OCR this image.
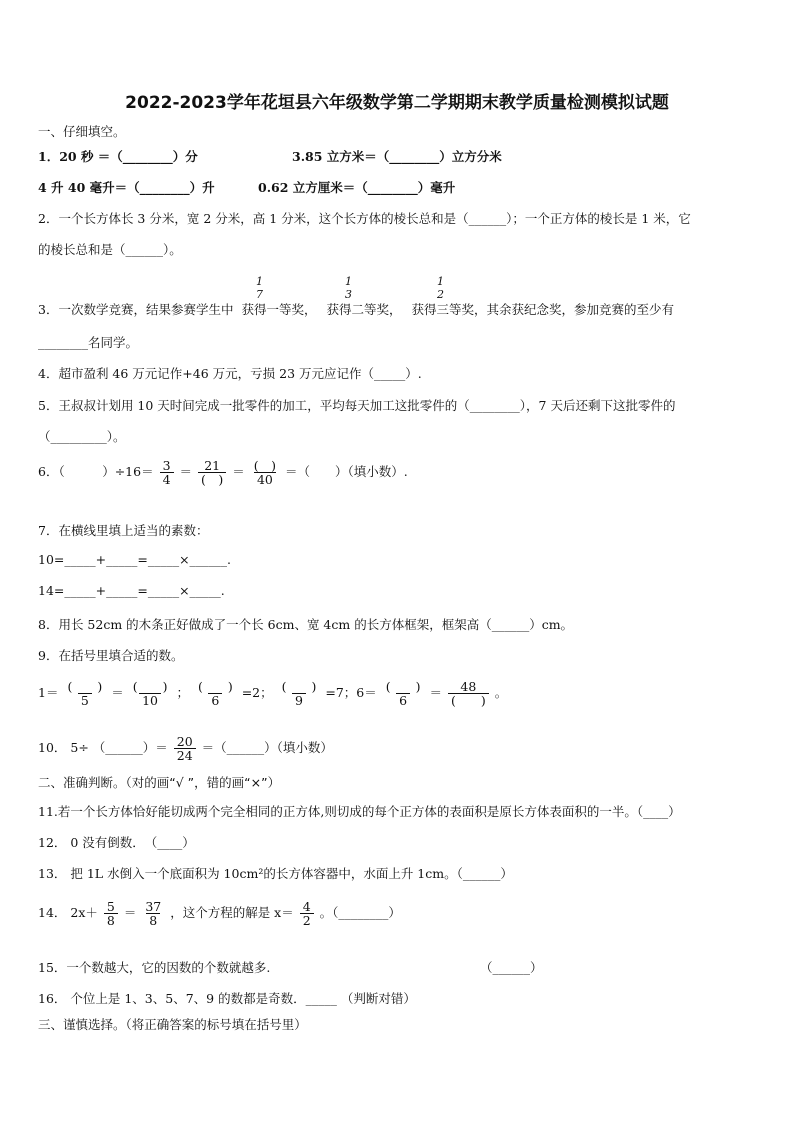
2022-2023学年花垣县六年级数学第二学期期末教学质量检测模拟试题
一、仔细填空。
1．20 秒 ＝（________）分	3.85 立方米＝（________）立方分米
4 升 40 毫升＝（________）升	0.62 立方厘米＝（________）毫升
2．一个长方体长 3 分米，宽 2 分米，高 1 分米，这个长方体的棱长总和是（______）；一个正方体的棱长是 1 米，它
的棱长总和是（______）。
3．一次数学竞赛，结果参赛学生中 获得一等奖， 获得二等奖， 获得三等奖，其余获纪念奖，参加竞赛的至少有
1
7
1
3
1
2
________名同学。
4．超市盈利 46 万元记作+46 万元，亏损 23 万元应记作（_____）.
5．王叔叔计划用 10 天时间完成一批零件的加工，平均每天加工这批零件的（________），7 天后还剩下这批零件的
（_________）。
6．（　　　）$\div 16= \frac{3}{4} = \frac{21}{( )} = \frac{( )}{40}$ ＝（　　）（填小数）.
7．在横线里填上适当的素数：
10=_____+_____=_____×______.
14=_____+_____=_____×_____.
8．用长 52cm 的木条正好做成了一个长 6cm、宽 4cm 的长方体框架，框架高（______）cm。
9．在括号里填合适的数。
$1= \frac{( )}{5} = \frac{( )}{10}$ ； $\frac{( )}{6} =2$； $\frac{( )}{9} =7$；$6= \frac{( )}{6} = \frac{48}{( )}$ 。
10． 5÷ （______）＝ $\frac{20}{24}$ ＝（______）（填小数）
二、准确判断。（对的画“√ ”，错的画“×”）
11.若一个长方体恰好能切成两个完全相同的正方体,则切成的每个正方体的表面积是原长方体表面积的一半。（____）
12． 0 没有倒数．　（____）
13． 把 1L 水倒入一个底面积为 10cm²的长方体容器中，水面上升 1cm。（______）
14． $2x+ \frac{5}{8} = \frac{37}{8}$ ，这个方程的解是 $x= \frac{4}{2}$ 。（________）
15．一个数越大，它的因数的个数就越多.	（______）
16． 个位上是 1、3、5、7、9 的数都是奇数．_____ （判断对错）
三、谨慎选择。（将正确答案的标号填在括号里）
